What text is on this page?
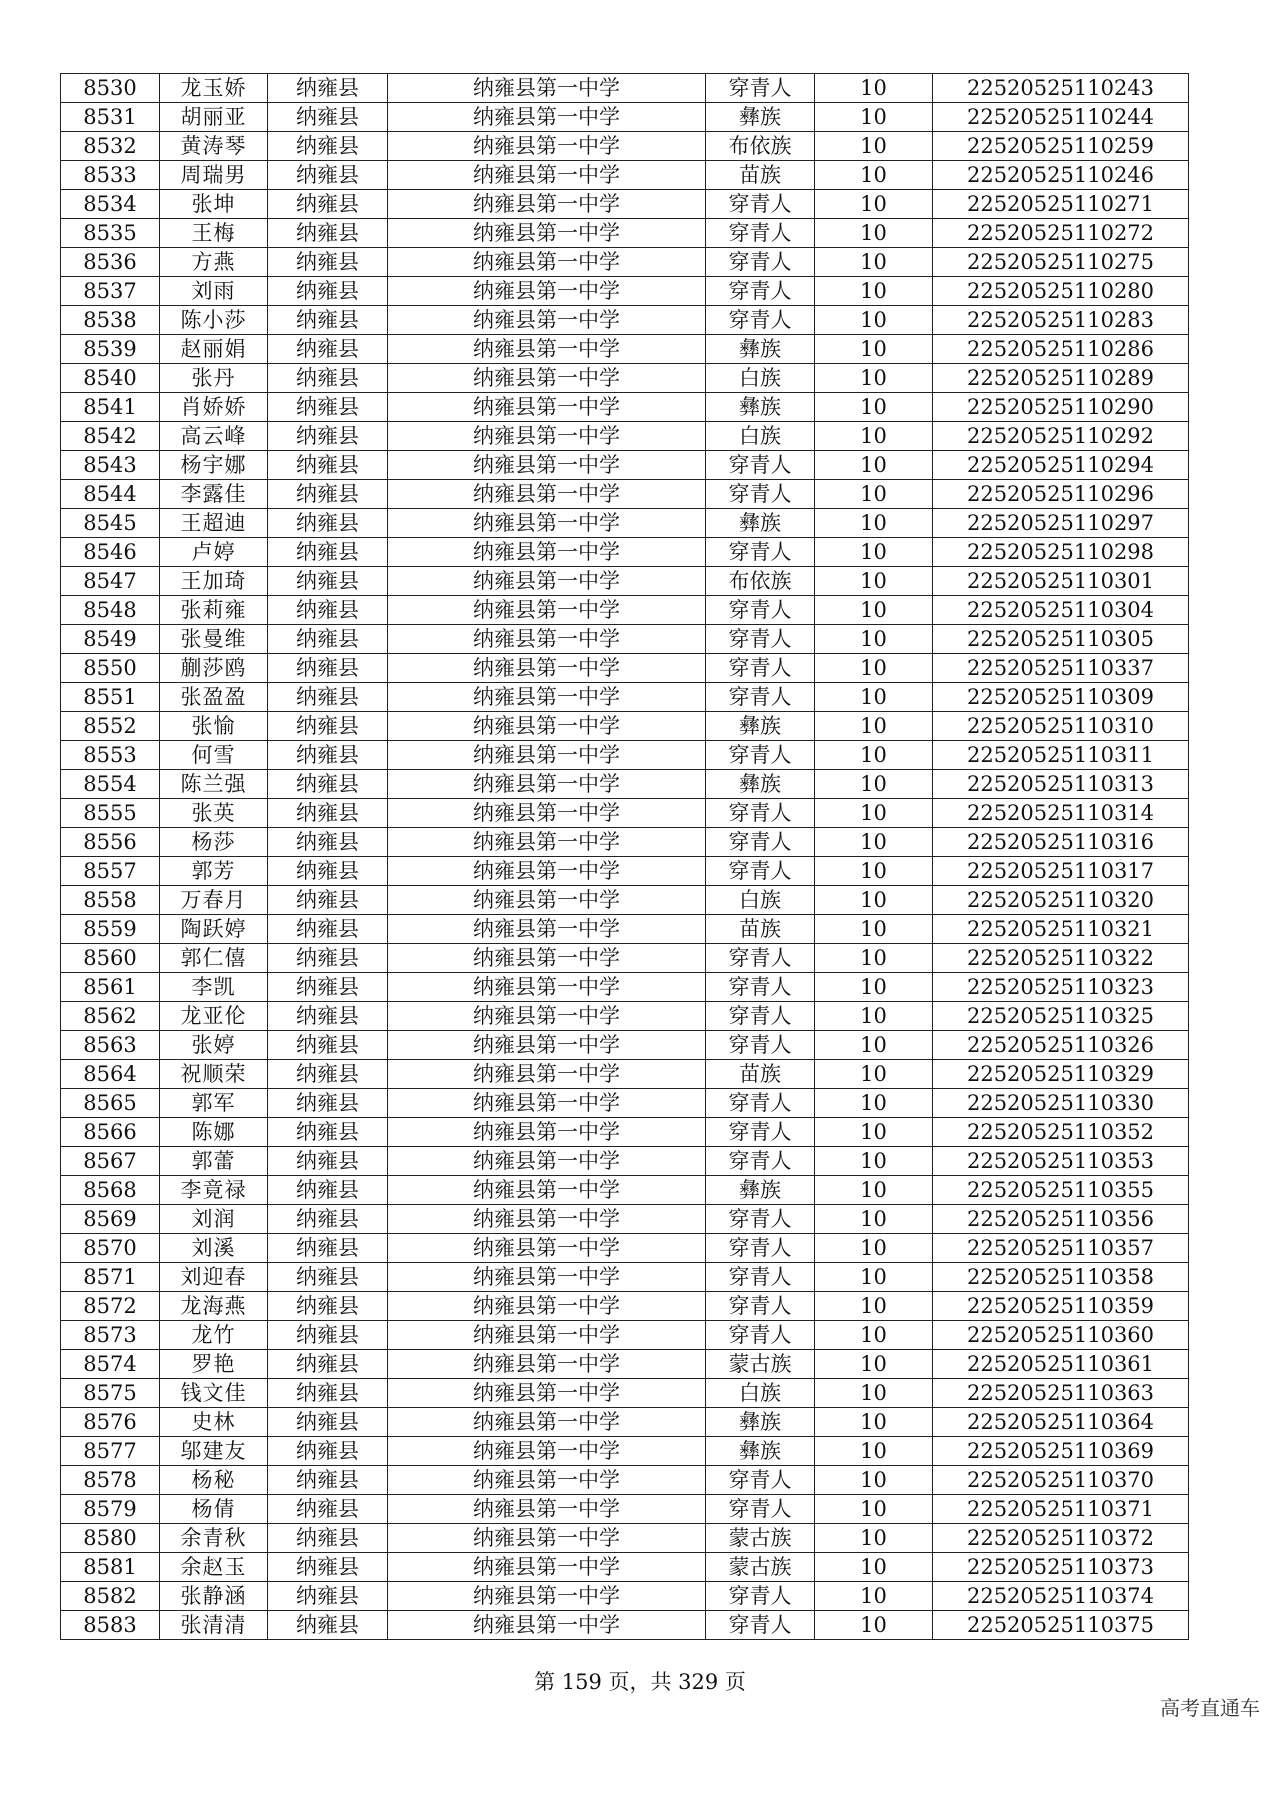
8530	龙玉娇	纳雍县	纳雍县第一中学	穿青人	10	22520525110243
8531	胡丽亚	纳雍县	纳雍县第一中学	彝族	10	22520525110244
8532	黄涛琴	纳雍县	纳雍县第一中学	布依族	10	22520525110259
8533	周瑞男	纳雍县	纳雍县第一中学	苗族	10	22520525110246
8534	张坤	纳雍县	纳雍县第一中学	穿青人	10	22520525110271
8535	王梅	纳雍县	纳雍县第一中学	穿青人	10	22520525110272
8536	方燕	纳雍县	纳雍县第一中学	穿青人	10	22520525110275
8537	刘雨	纳雍县	纳雍县第一中学	穿青人	10	22520525110280
8538	陈小莎	纳雍县	纳雍县第一中学	穿青人	10	22520525110283
8539	赵丽娟	纳雍县	纳雍县第一中学	彝族	10	22520525110286
8540	张丹	纳雍县	纳雍县第一中学	白族	10	22520525110289
8541	肖娇娇	纳雍县	纳雍县第一中学	彝族	10	22520525110290
8542	高云峰	纳雍县	纳雍县第一中学	白族	10	22520525110292
8543	杨宇娜	纳雍县	纳雍县第一中学	穿青人	10	22520525110294
8544	李露佳	纳雍县	纳雍县第一中学	穿青人	10	22520525110296
8545	王超迪	纳雍县	纳雍县第一中学	彝族	10	22520525110297
8546	卢婷	纳雍县	纳雍县第一中学	穿青人	10	22520525110298
8547	王加琦	纳雍县	纳雍县第一中学	布依族	10	22520525110301
8548	张莉雍	纳雍县	纳雍县第一中学	穿青人	10	22520525110304
8549	张曼维	纳雍县	纳雍县第一中学	穿青人	10	22520525110305
8550	蒯莎鸥	纳雍县	纳雍县第一中学	穿青人	10	22520525110337
8551	张盈盈	纳雍县	纳雍县第一中学	穿青人	10	22520525110309
8552	张愉	纳雍县	纳雍县第一中学	彝族	10	22520525110310
8553	何雪	纳雍县	纳雍县第一中学	穿青人	10	22520525110311
8554	陈兰强	纳雍县	纳雍县第一中学	彝族	10	22520525110313
8555	张英	纳雍县	纳雍县第一中学	穿青人	10	22520525110314
8556	杨莎	纳雍县	纳雍县第一中学	穿青人	10	22520525110316
8557	郭芳	纳雍县	纳雍县第一中学	穿青人	10	22520525110317
8558	万春月	纳雍县	纳雍县第一中学	白族	10	22520525110320
8559	陶跃婷	纳雍县	纳雍县第一中学	苗族	10	22520525110321
8560	郭仁僖	纳雍县	纳雍县第一中学	穿青人	10	22520525110322
8561	李凯	纳雍县	纳雍县第一中学	穿青人	10	22520525110323
8562	龙亚伦	纳雍县	纳雍县第一中学	穿青人	10	22520525110325
8563	张婷	纳雍县	纳雍县第一中学	穿青人	10	22520525110326
8564	祝顺荣	纳雍县	纳雍县第一中学	苗族	10	22520525110329
8565	郭军	纳雍县	纳雍县第一中学	穿青人	10	22520525110330
8566	陈娜	纳雍县	纳雍县第一中学	穿青人	10	22520525110352
8567	郭蕾	纳雍县	纳雍县第一中学	穿青人	10	22520525110353
8568	李竟禄	纳雍县	纳雍县第一中学	彝族	10	22520525110355
8569	刘润	纳雍县	纳雍县第一中学	穿青人	10	22520525110356
8570	刘溪	纳雍县	纳雍县第一中学	穿青人	10	22520525110357
8571	刘迎春	纳雍县	纳雍县第一中学	穿青人	10	22520525110358
8572	龙海燕	纳雍县	纳雍县第一中学	穿青人	10	22520525110359
8573	龙竹	纳雍县	纳雍县第一中学	穿青人	10	22520525110360
8574	罗艳	纳雍县	纳雍县第一中学	蒙古族	10	22520525110361
8575	钱文佳	纳雍县	纳雍县第一中学	白族	10	22520525110363
8576	史林	纳雍县	纳雍县第一中学	彝族	10	22520525110364
8577	邬建友	纳雍县	纳雍县第一中学	彝族	10	22520525110369
8578	杨秘	纳雍县	纳雍县第一中学	穿青人	10	22520525110370
8579	杨倩	纳雍县	纳雍县第一中学	穿青人	10	22520525110371
8580	余青秋	纳雍县	纳雍县第一中学	蒙古族	10	22520525110372
8581	余赵玉	纳雍县	纳雍县第一中学	蒙古族	10	22520525110373
8582	张静涵	纳雍县	纳雍县第一中学	穿青人	10	22520525110374
8583	张清清	纳雍县	纳雍县第一中学	穿青人	10	22520525110375
第 159 页，共 329 页
高考直通车
